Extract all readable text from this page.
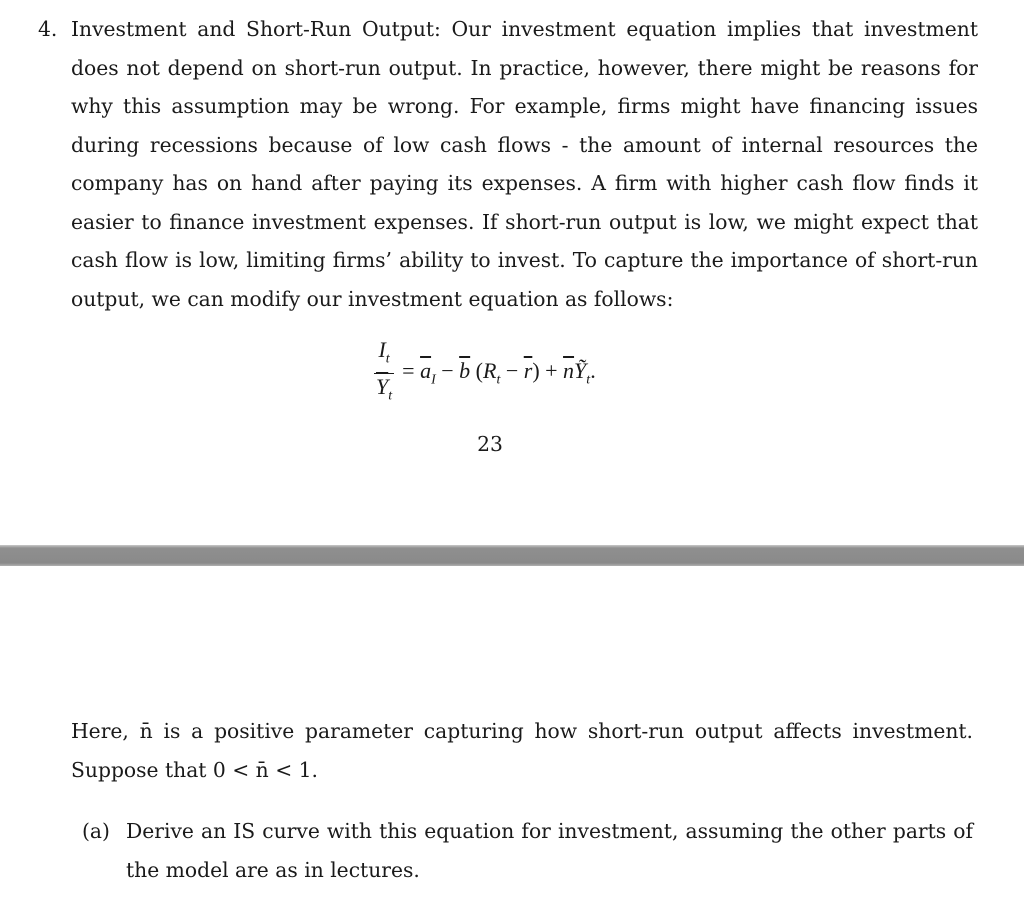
4. Investment and Short-Run Output: Our investment equation implies that investment does not depend on short-run output. In practice, however, there might be reasons for why this assumption may be wrong. For example, firms might have financing issues during recessions because of low cash flows - the amount of internal resources the company has on hand after paying its expenses. A firm with higher cash flow finds it easier to finance investment expenses. If short-run output is low, we might expect that cash flow is low, limiting firms’ ability to invest. To capture the importance of short-run output, we can modify our investment equation as follows:
$\frac{I_t}{\overline{Y}_t} = \overline{a}_I - \overline{b}$ $(R_t - \overline{r})$ + $\overline{n}Ỹ_t$.
23
Here, n̄ is a positive parameter capturing how short-run output affects investment. Suppose that 0 < n̄ < 1.
(a) Derive an IS curve with this equation for investment, assuming the other parts of the model are as in lectures.
